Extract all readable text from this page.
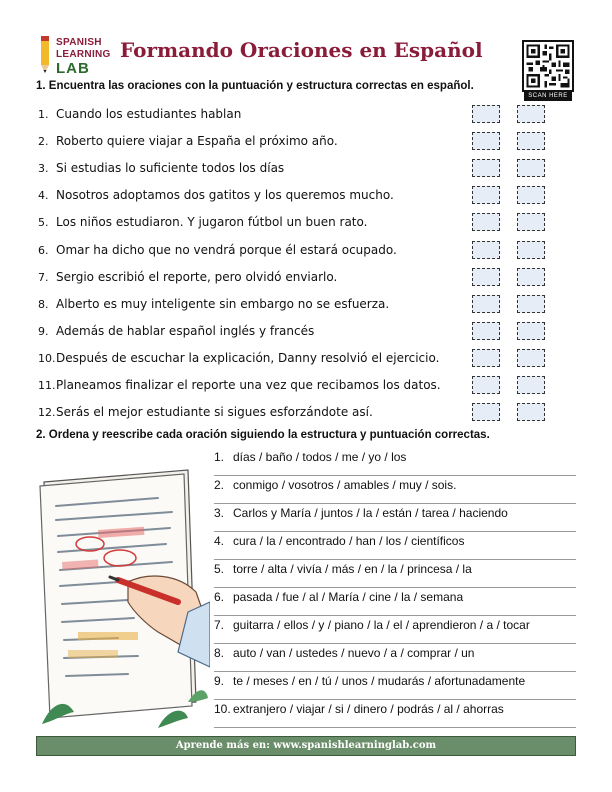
SPANISH
LEARNING
LAB
Formando Oraciones en Español
SCAN HERE
1. Encuentra las oraciones con la puntuación y estructura correctas en español.
1. Cuando los estudiantes hablan
2. Roberto quiere viajar a España el próximo año.
3. Si estudias lo suficiente todos los días
4. Nosotros adoptamos dos gatitos y los queremos mucho.
5. Los niños estudiaron. Y jugaron fútbol un buen rato.
6. Omar ha dicho que no vendrá porque él estará ocupado.
7. Sergio escribió el reporte, pero olvidó enviarlo.
8. Alberto es muy inteligente sin embargo no se esfuerza.
9. Además de hablar español inglés y francés
10.Después de escuchar la explicación, Danny resolvió el ejercicio.
11.Planeamos finalizar el reporte una vez que recibamos los datos.
12.Serás el mejor estudiante si sigues esforzándote así.
2. Ordena y reescribe cada oración siguiendo la estructura y puntuación correctas.
1. días / baño / todos / me / yo / los
2. conmigo / vosotros / amables / muy / sois.
3. Carlos y María / juntos / la / están / tarea / haciendo
4. cura / la / encontrado / han / los / científicos
5. torre / alta / vivía / más / en / la / princesa / la
6. pasada / fue / al / María / cine / la / semana
7. guitarra / ellos / y / piano / la / el / aprendieron / a / tocar
8. auto / van / ustedes / nuevo / a / comprar / un
9. te / meses / en / tú / unos / mudarás / afortunadamente
10. extranjero / viajar / si / dinero / podrás / al / ahorras
Aprende más en: www.spanishlearninglab.com
